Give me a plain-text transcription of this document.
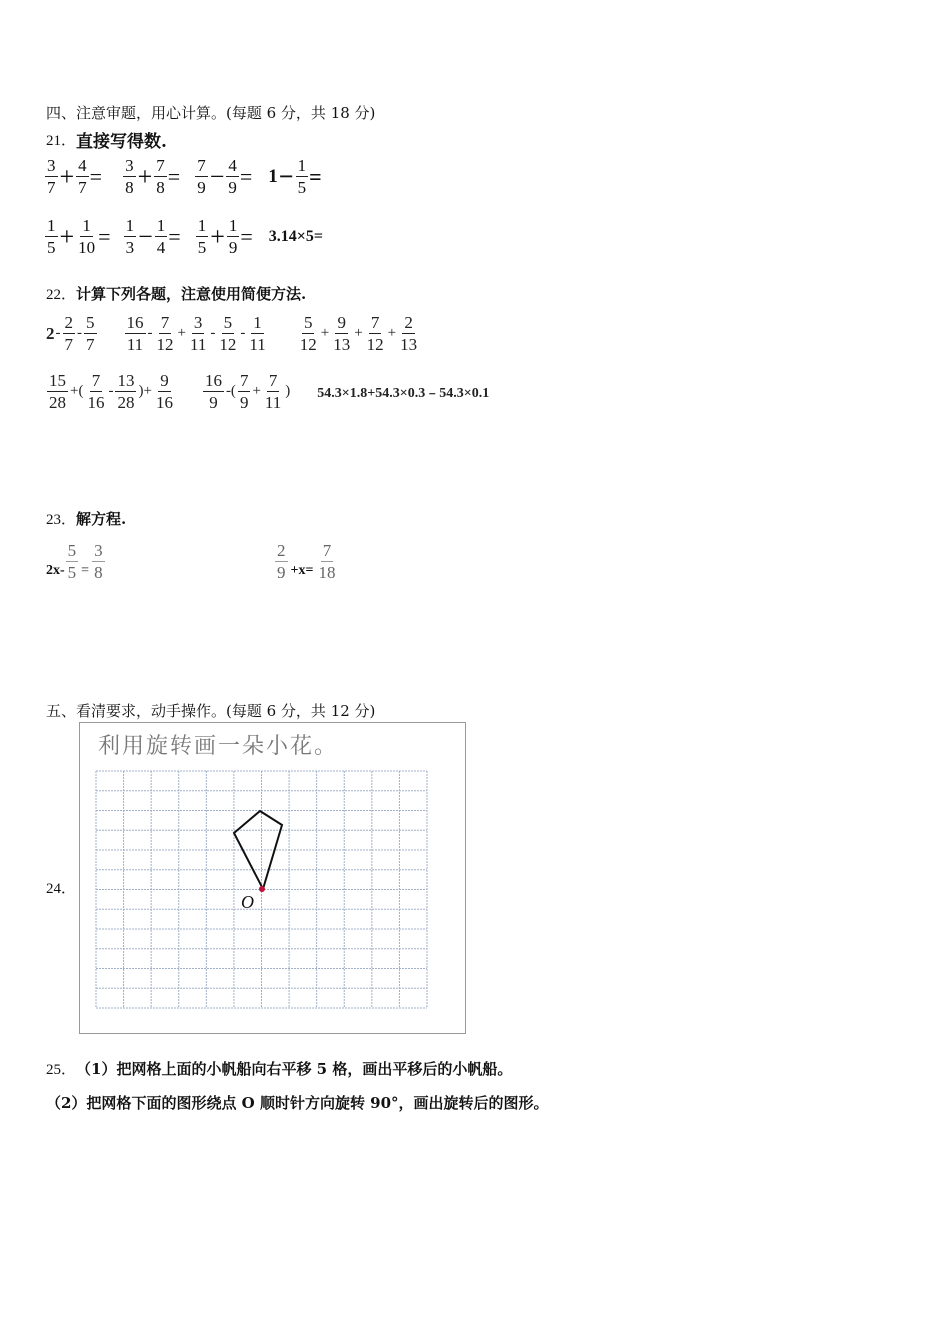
四、注意审题，用心计算。(每题 6 分，共 18 分)
21． 直接写得数.
$\frac{3}{7} + \frac{4}{7} = \frac{3}{8} + \frac{7}{8} = \frac{7}{9} - \frac{4}{9} = 1 - \frac{1}{5}$ =
$\frac{1}{5} + \frac{1}{10} = \frac{1}{3} - \frac{1}{4} = \frac{1}{5} + \frac{1}{9} = 3.14\times 5=$
22． 计算下列各题，注意使用简便方法.
$2 - \frac{2}{7} - \frac{5}{7} \frac{16}{11} - \frac{7}{12} + \frac{3}{11} - \frac{5}{12} - \frac{1}{11} \frac{5}{12} + \frac{9}{13} + \frac{7}{12} + \frac{2}{13}$
$\frac{15}{28}$ +( $\frac{7}{16} - \frac{13}{28}$ )+ $\frac{9}{16} \frac{16}{9}$ -( $\frac{7}{9} + \frac{7}{11}$ ) 54.3×1.8+54.3×0.3﹣54.3×0.1
23． 解方程.
$2x- \frac{5}{5} = \frac{3}{8}$	$\frac{2}{9} +x= \frac{7}{18}$
五、看清要求，动手操作。(每题 6 分，共 12 分)
24．
利用旋转画一朵小花。
O
25． （1）把网格上面的小帆船向右平移 5 格，画出平移后的小帆船。
（2）把网格下面的图形绕点 O 顺时针方向旋转 90°，画出旋转后的图形。
